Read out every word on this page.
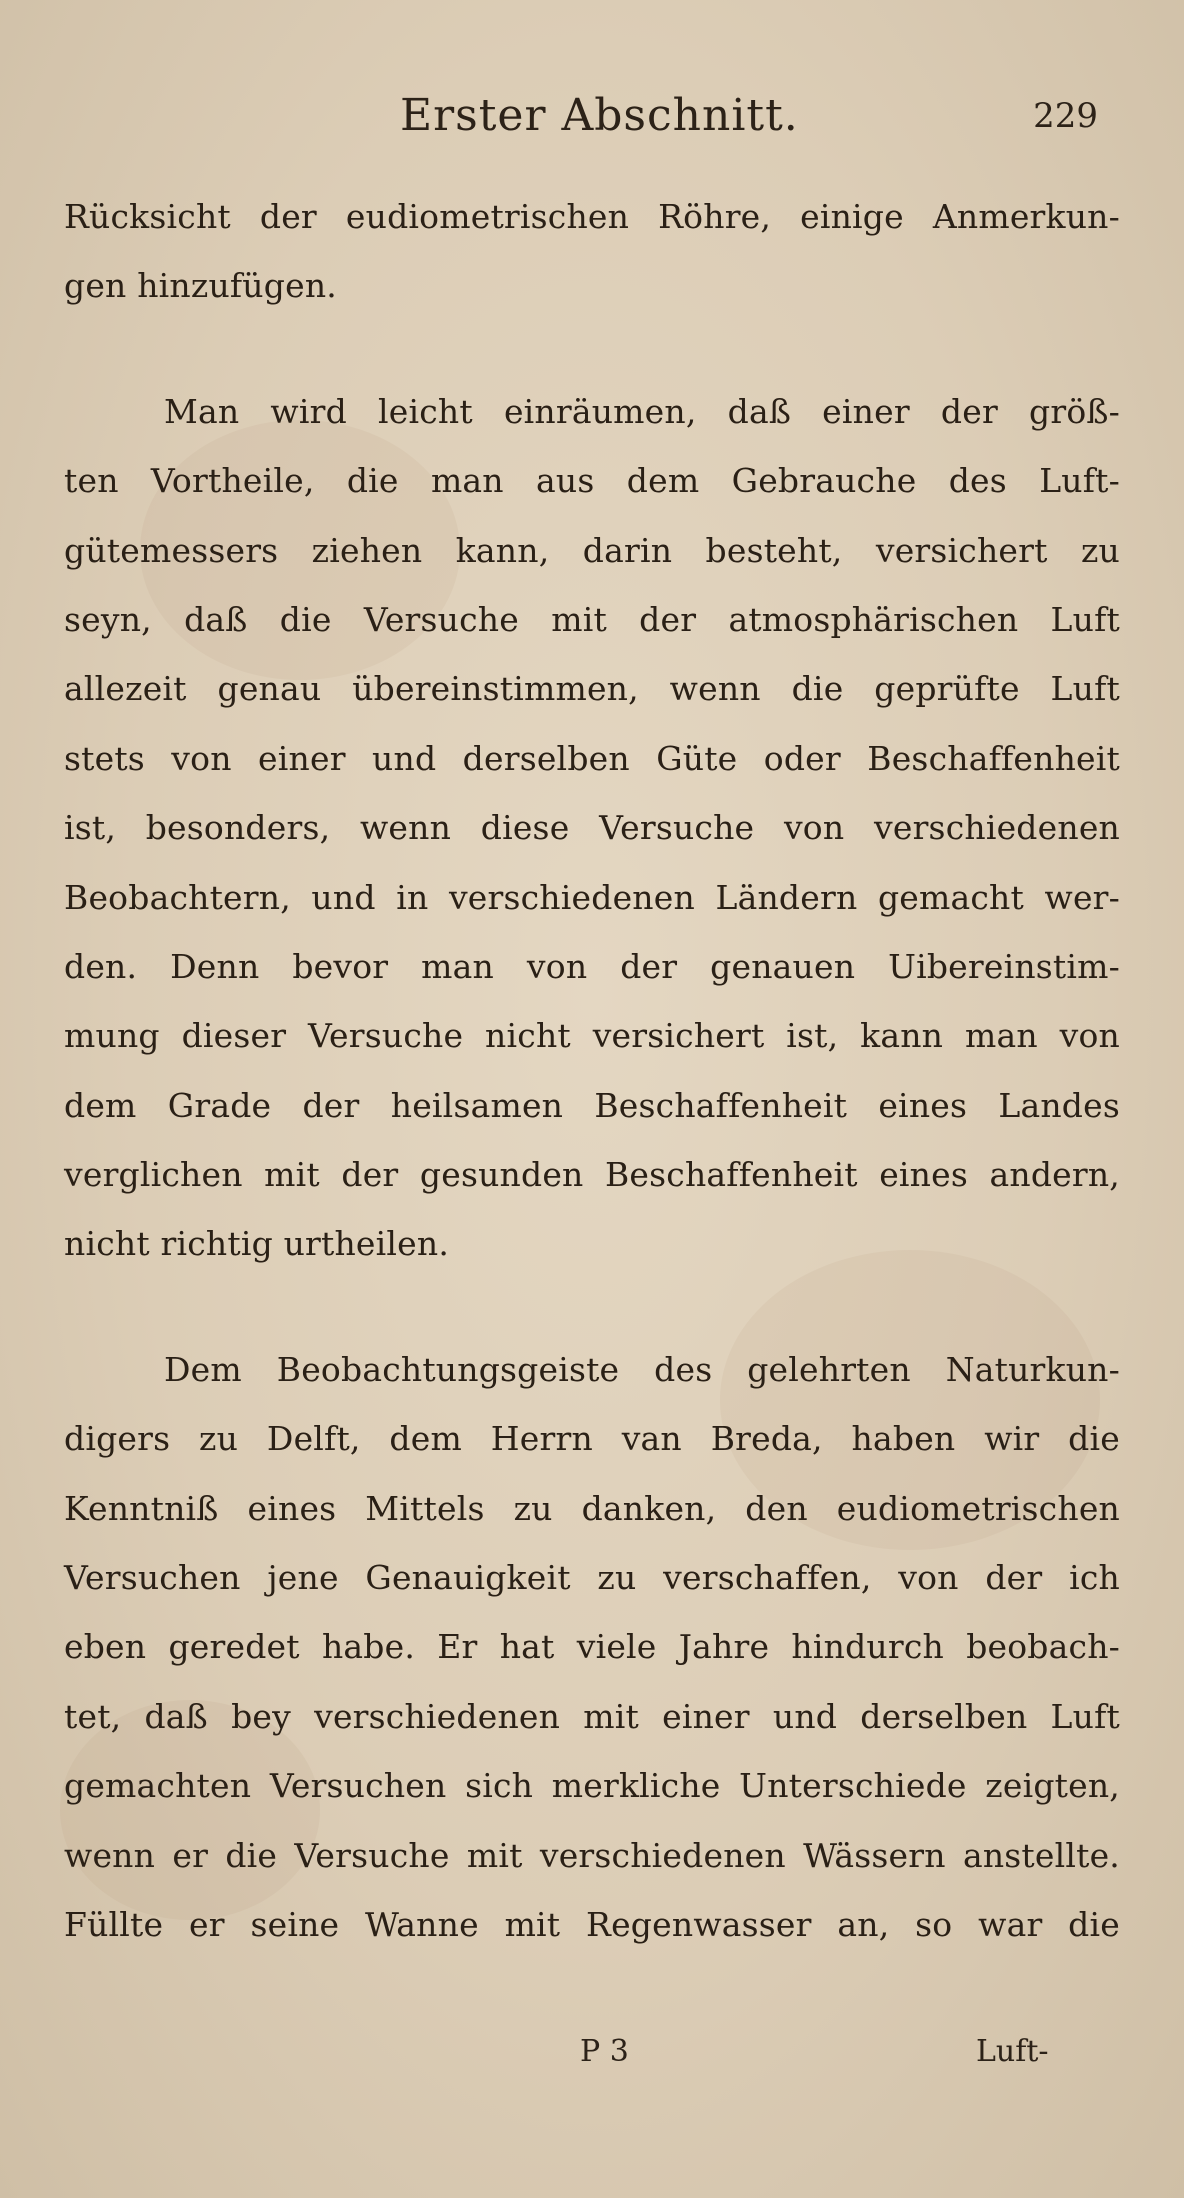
Erster Abschnitt.	229
Rücksicht der eudiometrischen Röhre, einige Anmerkun-
gen hinzufügen.
Man wird leicht einräumen, daß einer der größ-
ten Vortheile, die man aus dem Gebrauche des Luft-
gütemessers ziehen kann, darin besteht, versichert zu
seyn, daß die Versuche mit der atmosphärischen Luft
allezeit genau übereinstimmen, wenn die geprüfte Luft
stets von einer und derselben Güte oder Beschaffenheit
ist, besonders, wenn diese Versuche von verschiedenen
Beobachtern, und in verschiedenen Ländern gemacht wer-
den. Denn bevor man von der genauen Uibereinstim-
mung dieser Versuche nicht versichert ist, kann man von
dem Grade der heilsamen Beschaffenheit eines Landes
verglichen mit der gesunden Beschaffenheit eines andern,
nicht richtig urtheilen.
Dem Beobachtungsgeiste des gelehrten Naturkun-
digers zu Delft, dem Herrn van Breda, haben wir die
Kenntniß eines Mittels zu danken, den eudiometrischen
Versuchen jene Genauigkeit zu verschaffen, von der ich
eben geredet habe. Er hat viele Jahre hindurch beobach-
tet, daß bey verschiedenen mit einer und derselben Luft
gemachten Versuchen sich merkliche Unterschiede zeigten,
wenn er die Versuche mit verschiedenen Wässern anstellte.
Füllte er seine Wanne mit Regenwasser an, so war die
P 3	Luft-
